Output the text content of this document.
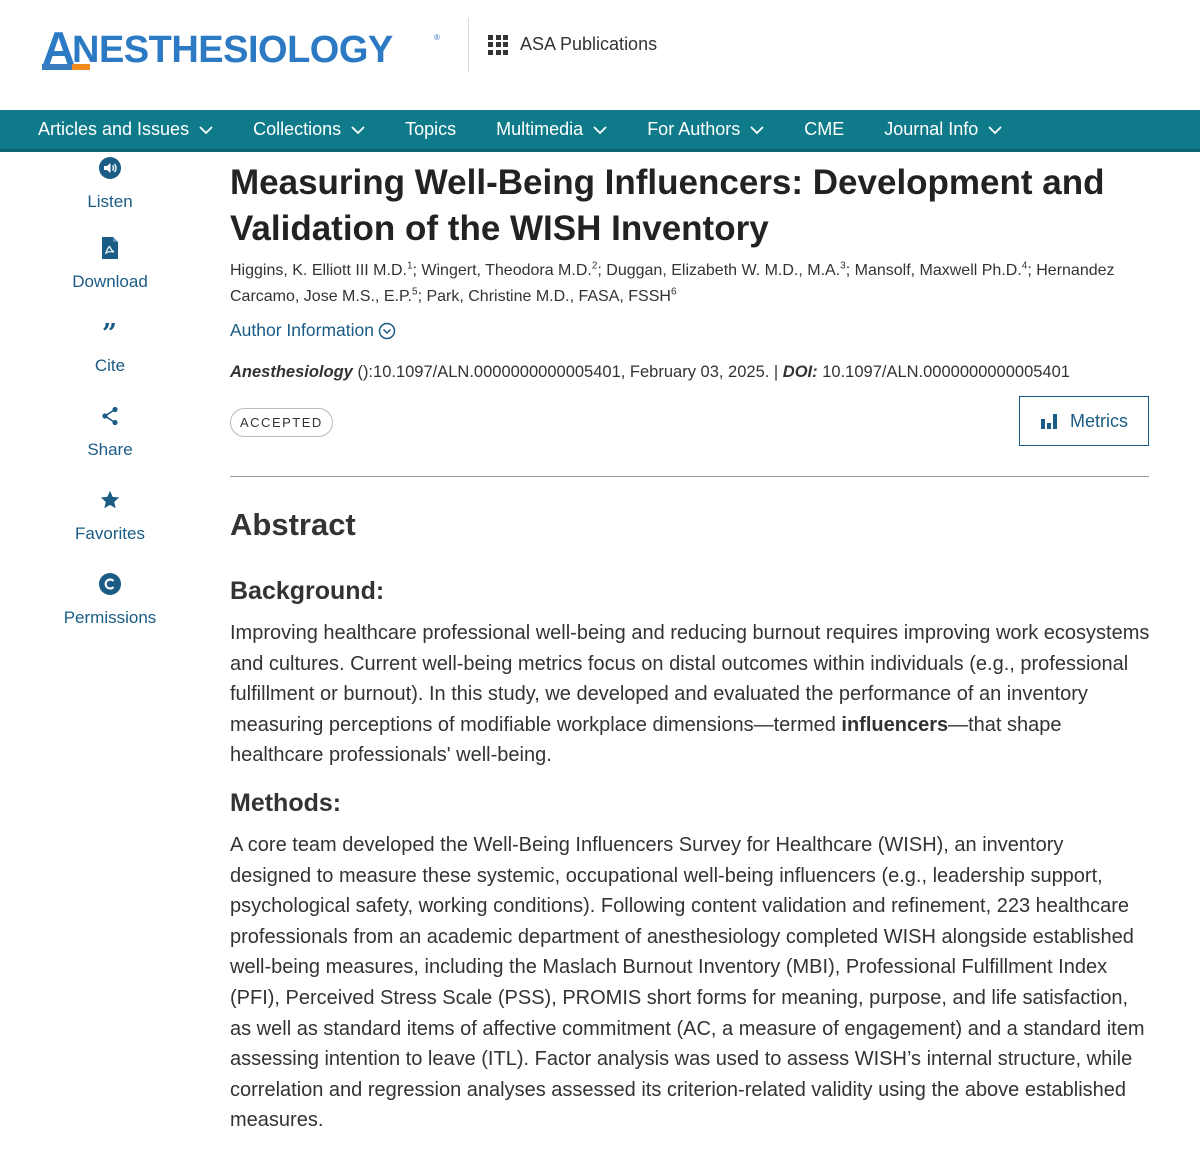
A
NESTHESIOLOGY	®	ASA Publications
Articles and Issues	Collections	Topics Multimedia	For Authors	CME Journal Info
Listen
Download
”
Cite
Share
Favorites
Permissions
Measuring Well-Being Influencers: Development and Validation of the WISH Inventory
Higgins, K. Elliott III M.D.$^1$; Wingert, Theodora M.D.$^2$; Duggan, Elizabeth W. M.D., M.A.$^3$; Mansolf, Maxwell Ph.D.$^4$; Hernandez Carcamo, Jose M.S., E.P.$^5$; Park, Christine M.D., FASA, FSSH$^6$
Author Information
Anesthesiology ():10.1097/ALN.0000000000005401, February 03, 2025. | DOI: 10.1097/ALN.0000000000005401
ACCEPTED	Metrics
Abstract
Background:

Improving healthcare professional well-being and reducing burnout requires improving work ecosystems and cultures. Current well-being metrics focus on distal outcomes within individuals (e.g., professional fulfillment or burnout). In this study, we developed and evaluated the performance of an inventory measuring perceptions of modifiable workplace dimensions—termed influencers—that shape healthcare professionals' well-being.

Methods:

A core team developed the Well-Being Influencers Survey for Healthcare (WISH), an inventory designed to measure these systemic, occupational well-being influencers (e.g., leadership support, psychological safety, working conditions). Following content validation and refinement, 223 healthcare professionals from an academic department of anesthesiology completed WISH alongside established well-being measures, including the Maslach Burnout Inventory (MBI), Professional Fulfillment Index (PFI), Perceived Stress Scale (PSS), PROMIS short forms for meaning, purpose, and life satisfaction, as well as standard items of affective commitment (AC, a measure of engagement) and a standard item assessing intention to leave (ITL). Factor analysis was used to assess WISH’s internal structure, while correlation and regression analyses assessed its criterion-related validity using the above established measures.
